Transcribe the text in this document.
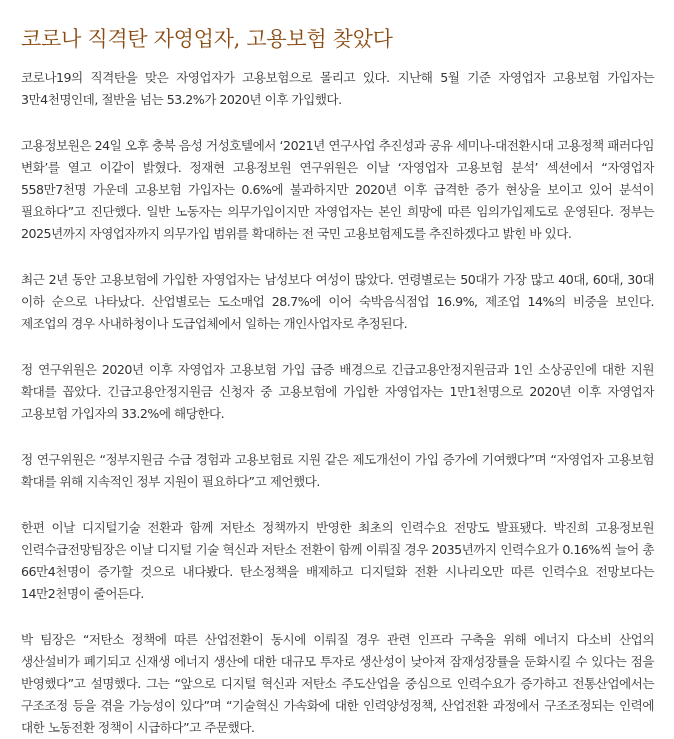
코로나 직격탄 자영업자, 고용보험 찾았다

코로나19의 직격탄을 맞은 자영업자가 고용보험으로 몰리고 있다. 지난해 5월 기준 자영업자 고용보험 가입자는 3만4천명인데, 절반을 넘는 53.2%가 2020년 이후 가입했다.

고용정보원은 24일 오후 충북 음성 거성호텔에서 ‘2021년 연구사업 추진성과 공유 세미나-대전환시대 고용정책 패러다임 변화’를 열고 이같이 밝혔다. 정재현 고용정보원 연구위원은 이날 ‘자영업자 고용보험 분석’ 섹션에서 “자영업자 558만7천명 가운데 고용보험 가입자는 0.6%에 불과하지만 2020년 이후 급격한 증가 현상을 보이고 있어 분석이 필요하다”고 진단했다. 일반 노동자는 의무가입이지만 자영업자는 본인 희망에 따른 임의가입제도로 운영된다. 정부는 2025년까지 자영업자까지 의무가입 범위를 확대하는 전 국민 고용보험제도를 추진하겠다고 밝힌 바 있다.

최근 2년 동안 고용보험에 가입한 자영업자는 남성보다 여성이 많았다. 연령별로는 50대가 가장 많고 40대, 60대, 30대 이하 순으로 나타났다. 산업별로는 도소매업 28.7%에 이어 숙박음식점업 16.9%, 제조업 14%의 비중을 보인다. 제조업의 경우 사내하청이나 도급업체에서 일하는 개인사업자로 추정된다.

정 연구위원은 2020년 이후 자영업자 고용보험 가입 급증 배경으로 긴급고용안정지원금과 1인 소상공인에 대한 지원 확대를 꼽았다. 긴급고용안정지원금 신청자 중 고용보험에 가입한 자영업자는 1만1천명으로 2020년 이후 자영업자 고용보험 가입자의 33.2%에 해당한다.

정 연구위원은 “정부지원금 수급 경험과 고용보험료 지원 같은 제도개선이 가입 증가에 기여했다”며 “자영업자 고용보험 확대를 위해 지속적인 정부 지원이 필요하다”고 제언했다.

한편 이날 디지털기술 전환과 함께 저탄소 정책까지 반영한 최초의 인력수요 전망도 발표됐다. 박진희 고용정보원 인력수급전망팀장은 이날 디지털 기술 혁신과 저탄소 전환이 함께 이뤄질 경우 2035년까지 인력수요가 0.16%씩 늘어 총 66만4천명이 증가할 것으로 내다봤다. 탄소정책을 배제하고 디지털화 전환 시나리오만 따른 인력수요 전망보다는 14만2천명이 줄어든다.

박 팀장은 “저탄소 정책에 따른 산업전환이 동시에 이뤄질 경우 관련 인프라 구축을 위해 에너지 다소비 산업의 생산설비가 폐기되고 신재생 에너지 생산에 대한 대규모 투자로 생산성이 낮아져 잠재성장률을 둔화시킬 수 있다는 점을 반영했다”고 설명했다. 그는 “앞으로 디지털 혁신과 저탄소 주도산업을 중심으로 인력수요가 증가하고 전통산업에서는 구조조정 등을 겪을 가능성이 있다”며 “기술혁신 가속화에 대한 인력양성정책, 산업전환 과정에서 구조조정되는 인력에 대한 노동전환 정책이 시급하다”고 주문했다.
